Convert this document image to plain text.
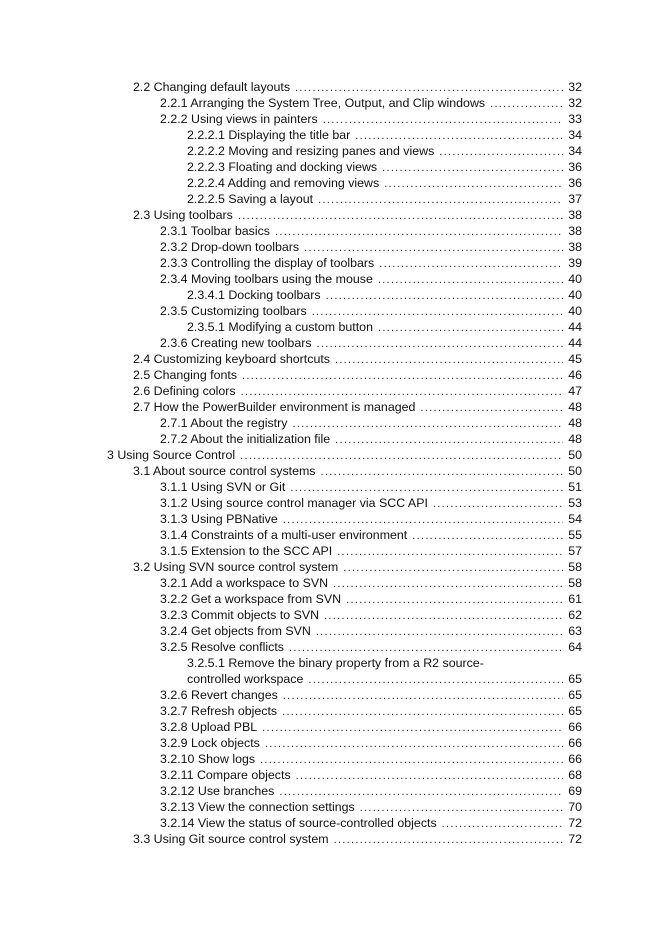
2.2 Changing default layouts .....	32
2.2.1 Arranging the System Tree, Output, and Clip windows .....	32
2.2.2 Using views in painters .....	33
2.2.2.1 Displaying the title bar .....	34
2.2.2.2 Moving and resizing panes and views .....	34
2.2.2.3 Floating and docking views .....	36
2.2.2.4 Adding and removing views .....	36
2.2.2.5 Saving a layout .....	37
2.3 Using toolbars .....	38
2.3.1 Toolbar basics .....	38
2.3.2 Drop-down toolbars .....	38
2.3.3 Controlling the display of toolbars .....	39
2.3.4 Moving toolbars using the mouse .....	40
2.3.4.1 Docking toolbars .....	40
2.3.5 Customizing toolbars .....	40
2.3.5.1 Modifying a custom button .....	44
2.3.6 Creating new toolbars .....	44
2.4 Customizing keyboard shortcuts .....	45
2.5 Changing fonts .....	46
2.6 Defining colors .....	47
2.7 How the PowerBuilder environment is managed .....	48
2.7.1 About the registry .....	48
2.7.2 About the initialization file .....	48
3 Using Source Control .....	50
3.1 About source control systems .....	50
3.1.1 Using SVN or Git .....	51
3.1.2 Using source control manager via SCC API .....	53
3.1.3 Using PBNative .....	54
3.1.4 Constraints of a multi-user environment .....	55
3.1.5 Extension to the SCC API .....	57
3.2 Using SVN source control system .....	58
3.2.1 Add a workspace to SVN .....	58
3.2.2 Get a workspace from SVN .....	61
3.2.3 Commit objects to SVN .....	62
3.2.4 Get objects from SVN .....	63
3.2.5 Resolve conflicts .....	64
3.2.5.1 Remove the binary property from a R2 source-
controlled workspace .....	65
3.2.6 Revert changes .....	65
3.2.7 Refresh objects .....	65
3.2.8 Upload PBL .....	66
3.2.9 Lock objects .....	66
3.2.10 Show logs .....	66
3.2.11 Compare objects .....	68
3.2.12 Use branches .....	69
3.2.13 View the connection settings .....	70
3.2.14 View the status of source-controlled objects .....	72
3.3 Using Git source control system .....	72
